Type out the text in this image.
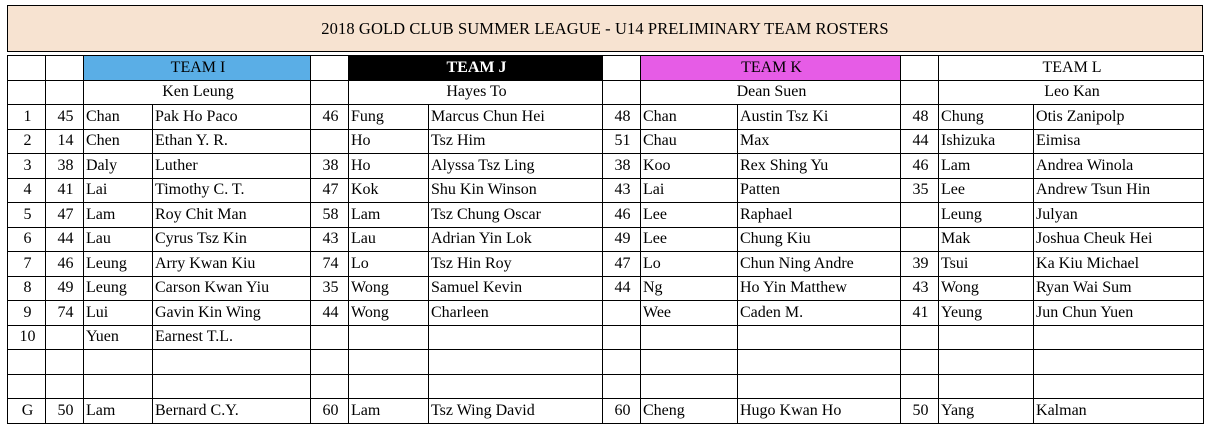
2018 GOLD CLUB SUMMER LEAGUE - U14 PRELIMINARY TEAM ROSTERS
		TEAM I			TEAM J			TEAM K			TEAM L	
		Ken Leung			Hayes To			Dean Suen			Leo Kan	
1	45	Chan	Pak Ho Paco	46	Fung	Marcus Chun Hei	48	Chan	Austin Tsz Ki	48	Chung	Otis Zanipolp
2	14	Chen	Ethan Y. R.		Ho	Tsz Him	51	Chau	Max	44	Ishizuka	Eimisa
3	38	Daly	Luther	38	Ho	Alyssa Tsz Ling	38	Koo	Rex Shing Yu	46	Lam	Andrea Winola
4	41	Lai	Timothy C. T.	47	Kok	Shu Kin Winson	43	Lai	Patten	35	Lee	Andrew Tsun Hin
5	47	Lam	Roy Chit Man	58	Lam	Tsz Chung Oscar	46	Lee	Raphael		Leung	Julyan
6	44	Lau	Cyrus Tsz Kin	43	Lau	Adrian Yin Lok	49	Lee	Chung Kiu		Mak	Joshua Cheuk Hei
7	46	Leung	Arry Kwan Kiu	74	Lo	Tsz Hin Roy	47	Lo	Chun Ning Andre	39	Tsui	Ka Kiu Michael
8	49	Leung	Carson Kwan Yiu	35	Wong	Samuel Kevin	44	Ng	Ho Yin Matthew	43	Wong	Ryan Wai Sum
9	74	Lui	Gavin Kin Wing	44	Wong	Charleen		Wee	Caden M.	41	Yeung	Jun Chun Yuen
10		Yuen	Earnest T.L.									

G	50	Lam	Bernard C.Y.	60	Lam	Tsz Wing David	60	Cheng	Hugo Kwan Ho	50	Yang	Kalman
